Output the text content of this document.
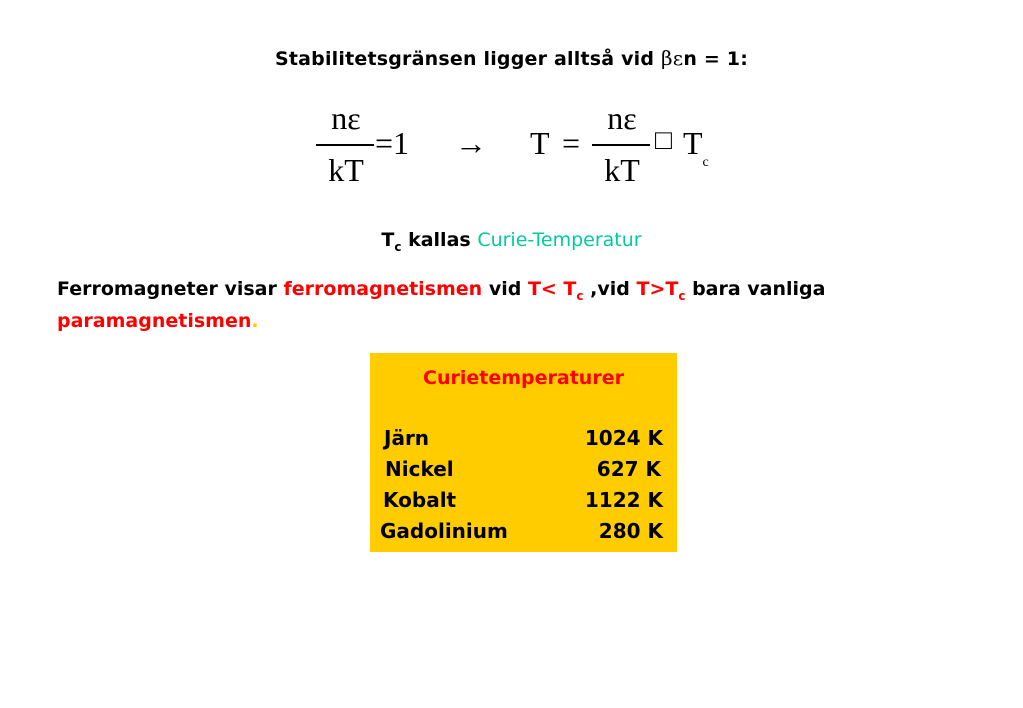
Stabilitetsgränsen ligger alltså vid βεn = 1:
nε
kT
=1 → T =
nε
kT
□ $T_c$
$T_c$ kallas Curie-Temperatur
Ferromagneter visar ferromagnetismen vid $T< T_c$ ,vid $T>T_c$ bara vanliga
paramagnetismen.
Curietemperaturer
Järn	1024 K
Nickel	627 K
Kobalt	1122 K
Gadolinium	280 K
